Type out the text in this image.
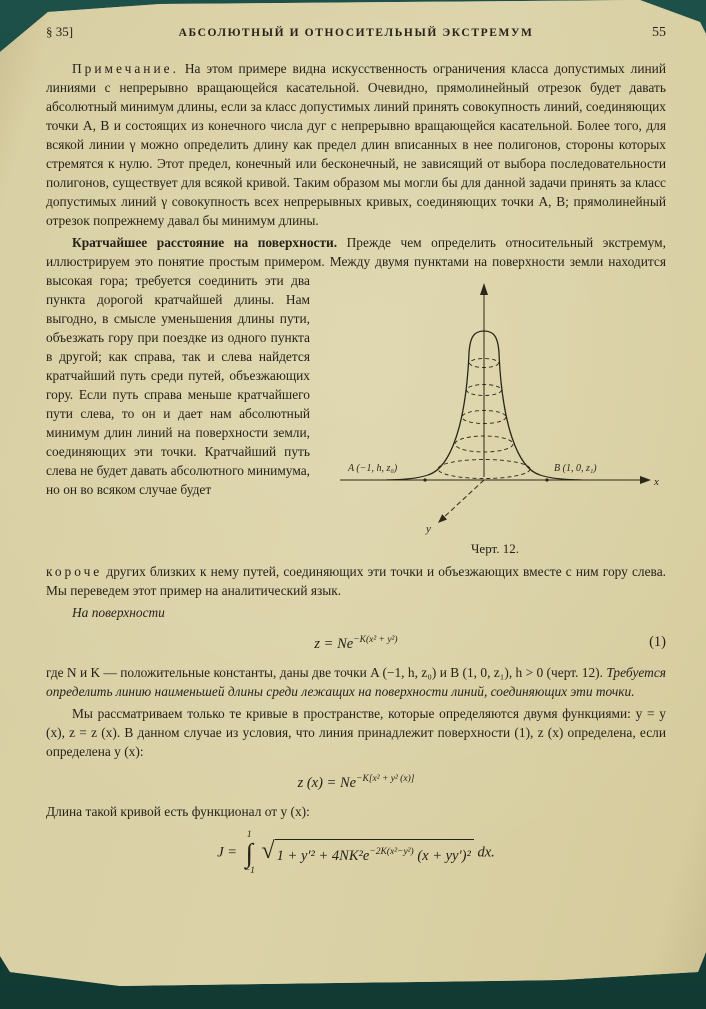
§ 35]	АБСОЛЮТНЫЙ И ОТНОСИТЕЛЬНЫЙ ЭКСТРЕМУМ	55

Примечание. На этом примере видна искусственность ограничения класса допустимых линий линиями с непрерывно вращающейся касательной. Очевидно, прямолинейный отрезок будет давать абсолютный минимум длины, если за класс допустимых линий принять совокупность линий, соединяющих точки A, B и состоящих из конечного числа дуг с непрерывно вращающейся касательной. Более того, для всякой линии γ можно определить длину как предел длин вписанных в нее полигонов, стороны которых стремятся к нулю. Этот предел, конечный или бесконечный, не зависящий от выбора последовательности полигонов, существует для всякой кривой. Таким образом мы могли бы для данной задачи принять за класс допустимых линий γ совокупность всех непрерывных кривых, соединяющих точки A, B; прямолинейный отрезок попрежнему давал бы минимум длины.

Кратчайшее расстояние на поверхности. Прежде чем определить относительный экстремум, иллюстрируем это понятие простым примером. Между двумя пунктами на поверхности земли находится высокая гора;
x
A (−1, h, z₀)	B (1, 0, z₁)
y
Черт. 12.
требуется соединить эти два пункта дорогой кратчайшей длины. Нам выгодно, в смысле уменьшения длины пути, объезжать гору при поездке из одного пункта в другой; как справа, так и слева найдется кратчайший путь среди путей, объезжающих гору. Если путь справа меньше кратчайшего пути слева, то он и дает нам абсолютный минимум длин линий на поверхности земли, соединяющих эти точки. Кратчайший путь слева не будет давать абсолютного минимума, но он во всяком случае будет

короче других близких к нему путей, соединяющих эти точки и объезжающих вместе с ним гору слева. Мы переведем этот пример на аналитический язык.

На поверхности

$z = Ne^{-K(x^2 + y^2)}$	(1)

где N и K — положительные константы, даны две точки A (−1, h, z₀) и B (1, 0, z₁), h > 0 (черт. 12). Требуется определить линию наименьшей длины среди лежащих на поверхности линий, соединяющих эти точки.

Мы рассматриваем только те кривые в пространстве, которые определяются двумя функциями: y = y (x), z = z (x). В данном случае из условия, что линия принадлежит поверхности (1), z (x) определена, если определена y (x):

z $(x) = Ne^{-K[x^2 + y^2 (x)]}$

Длина такой кривой есть функционал от y (x):

J =
1
∫
−1

√ $1 + y'^2 + 4NK^2e^{-2K(x^2-y^2)}$ (x + yy′)² dx.
